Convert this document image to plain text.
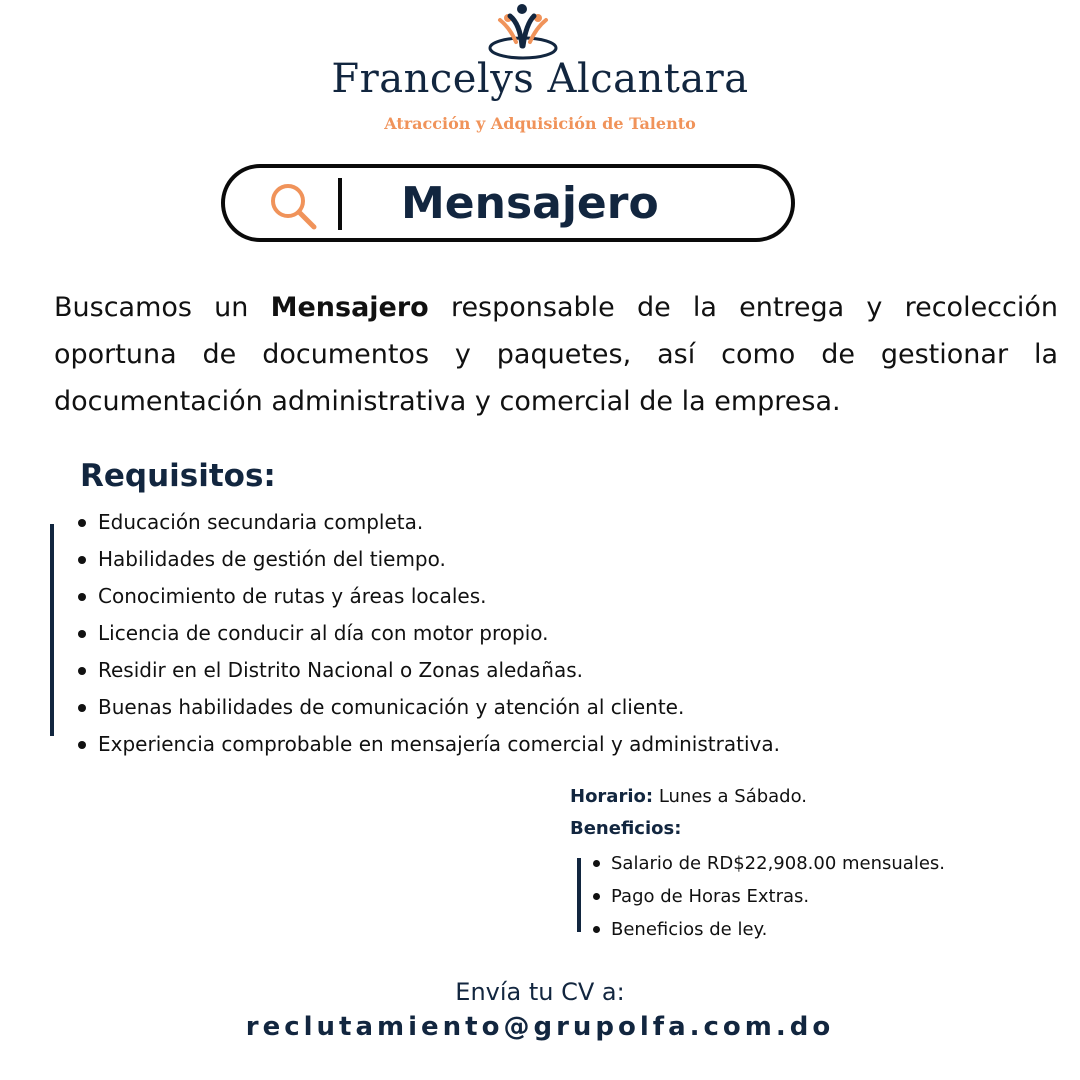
Francelys Alcantara
Atracción y Adquisición de Talento
Mensajero
Buscamos un Mensajero responsable de la entrega y recolección oportuna de documentos y paquetes, así como de gestionar la documentación administrativa y comercial de la empresa.
Requisitos:
Educación secundaria completa.
Habilidades de gestión del tiempo.
Conocimiento de rutas y áreas locales.
Licencia de conducir al día con motor propio.
Residir en el Distrito Nacional o Zonas aledañas.
Buenas habilidades de comunicación y atención al cliente.
Experiencia comprobable en mensajería comercial y administrativa.
Horario: Lunes a Sábado.
Beneficios:
Salario de RD$22,908.00 mensuales.
Pago de Horas Extras.
Beneficios de ley.
Envía tu CV a:
reclutamiento@grupolfa.com.do
